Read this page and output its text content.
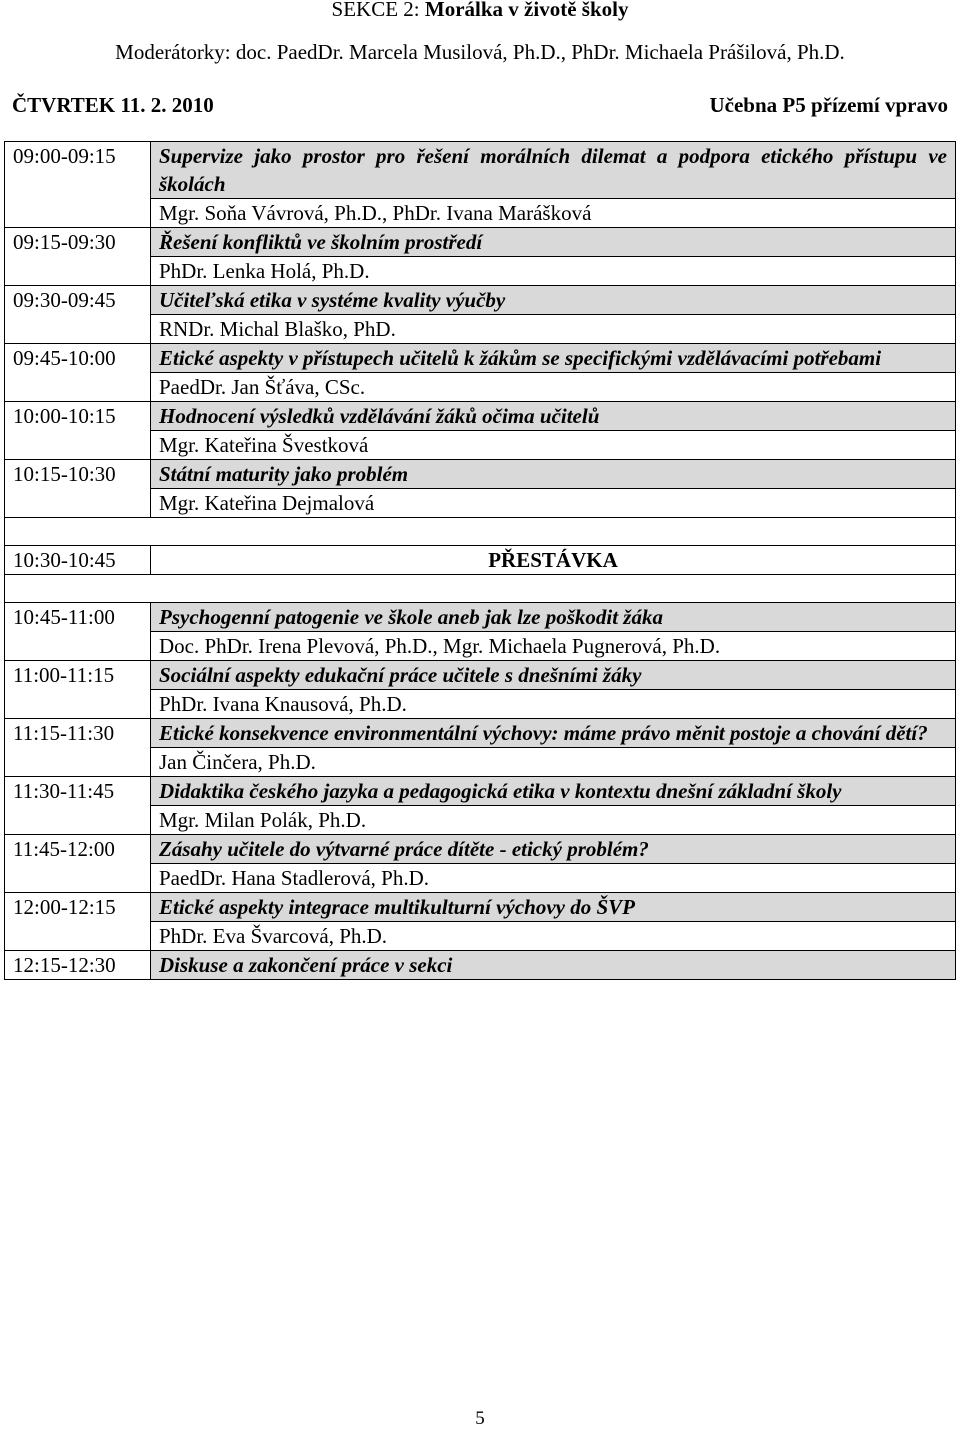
SEKCE 2: Morálka v životě školy
Moderátorky: doc. PaedDr. Marcela Musilová, Ph.D., PhDr. Michaela Prášilová, Ph.D.
Učebna P5 přízemí vpravo
ČTVRTEK 11. 2. 2010
09:00-09:15	Supervize jako prostor pro řešení morálních dilemat a podpora etického přístupu ve školách
	Mgr. Soňa Vávrová, Ph.D., PhDr. Ivana Marášková
09:15-09:30	Řešení konfliktů ve školním prostředí
	PhDr. Lenka Holá, Ph.D.
09:30-09:45	Učiteľská etika v systéme kvality výučby
	RNDr. Michal Blaško, PhD.
09:45-10:00	Etické aspekty v přístupech učitelů k žákům se specifickými vzdělávacími potřebami
	PaedDr. Jan Šťáva, CSc.
10:00-10:15	Hodnocení výsledků vzdělávání žáků očima učitelů
	Mgr. Kateřina Švestková
10:15-10:30	Státní maturity jako problém
	Mgr. Kateřina Dejmalová

10:30-10:45	PŘESTÁVKA

10:45-11:00	Psychogenní patogenie ve škole aneb jak lze poškodit žáka
	Doc. PhDr. Irena Plevová, Ph.D., Mgr. Michaela Pugnerová, Ph.D.
11:00-11:15	Sociální aspekty edukační práce učitele s dnešními žáky
	PhDr. Ivana Knausová, Ph.D.
11:15-11:30	Etické konsekvence environmentální výchovy: máme právo měnit postoje a chování dětí?
	Jan Činčera, Ph.D.
11:30-11:45	Didaktika českého jazyka a pedagogická etika v kontextu dnešní základní školy
	Mgr. Milan Polák, Ph.D.
11:45-12:00	Zásahy učitele do výtvarné práce dítěte - etický problém?
	PaedDr. Hana Stadlerová, Ph.D.
12:00-12:15	Etické aspekty integrace multikulturní výchovy do ŠVP
	PhDr. Eva Švarcová, Ph.D.
12:15-12:30	Diskuse a zakončení práce v sekci
5
